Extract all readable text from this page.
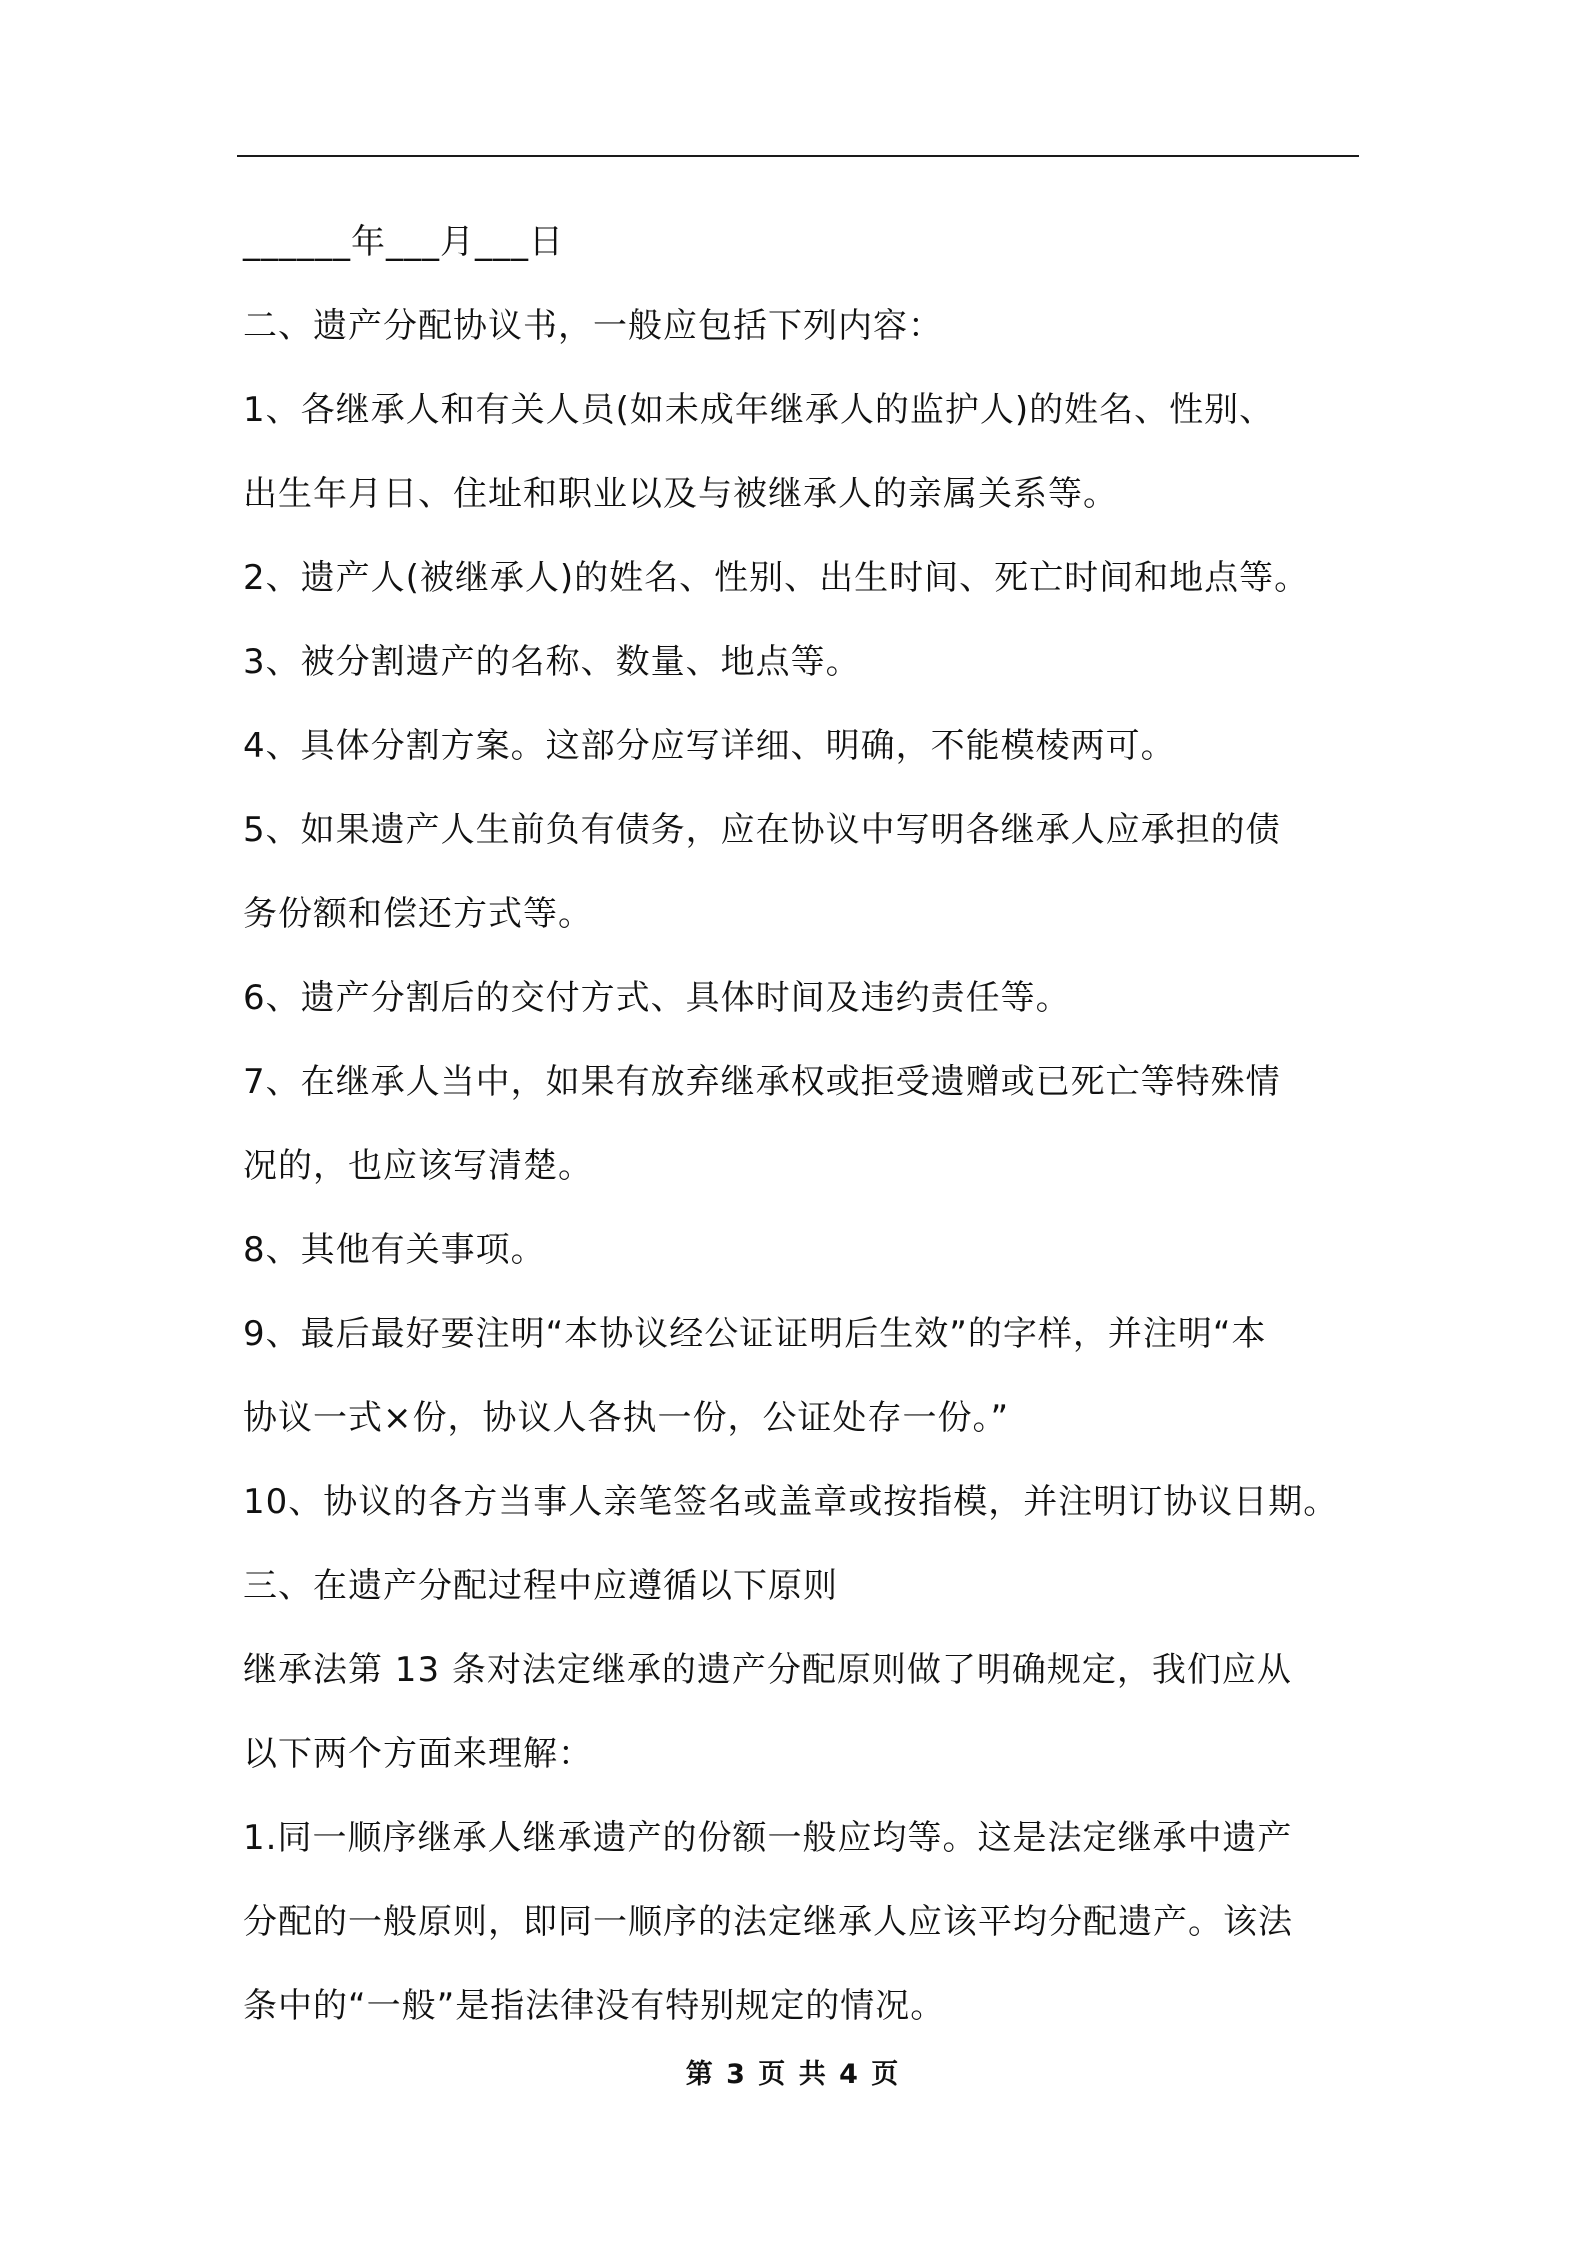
______年___月___日
二、遗产分配协议书，一般应包括下列内容：
1、各继承人和有关人员(如未成年继承人的监护人)的姓名、性别、
出生年月日、住址和职业以及与被继承人的亲属关系等。
2、遗产人(被继承人)的姓名、性别、出生时间、死亡时间和地点等。
3、被分割遗产的名称、数量、地点等。
4、具体分割方案。这部分应写详细、明确，不能模棱两可。
5、如果遗产人生前负有债务，应在协议中写明各继承人应承担的债
务份额和偿还方式等。
6、遗产分割后的交付方式、具体时间及违约责任等。
7、在继承人当中，如果有放弃继承权或拒受遗赠或已死亡等特殊情
况的，也应该写清楚。
8、其他有关事项。
9、最后最好要注明“本协议经公证证明后生效”的字样，并注明“本
协议一式×份，协议人各执一份，公证处存一份。”
10、协议的各方当事人亲笔签名或盖章或按指模，并注明订协议日期。
三、在遗产分配过程中应遵循以下原则
继承法第 13 条对法定继承的遗产分配原则做了明确规定，我们应从
以下两个方面来理解：
1.同一顺序继承人继承遗产的份额一般应均等。这是法定继承中遗产
分配的一般原则，即同一顺序的法定继承人应该平均分配遗产。该法
条中的“一般”是指法律没有特别规定的情况。
第 3 页 共 4 页
